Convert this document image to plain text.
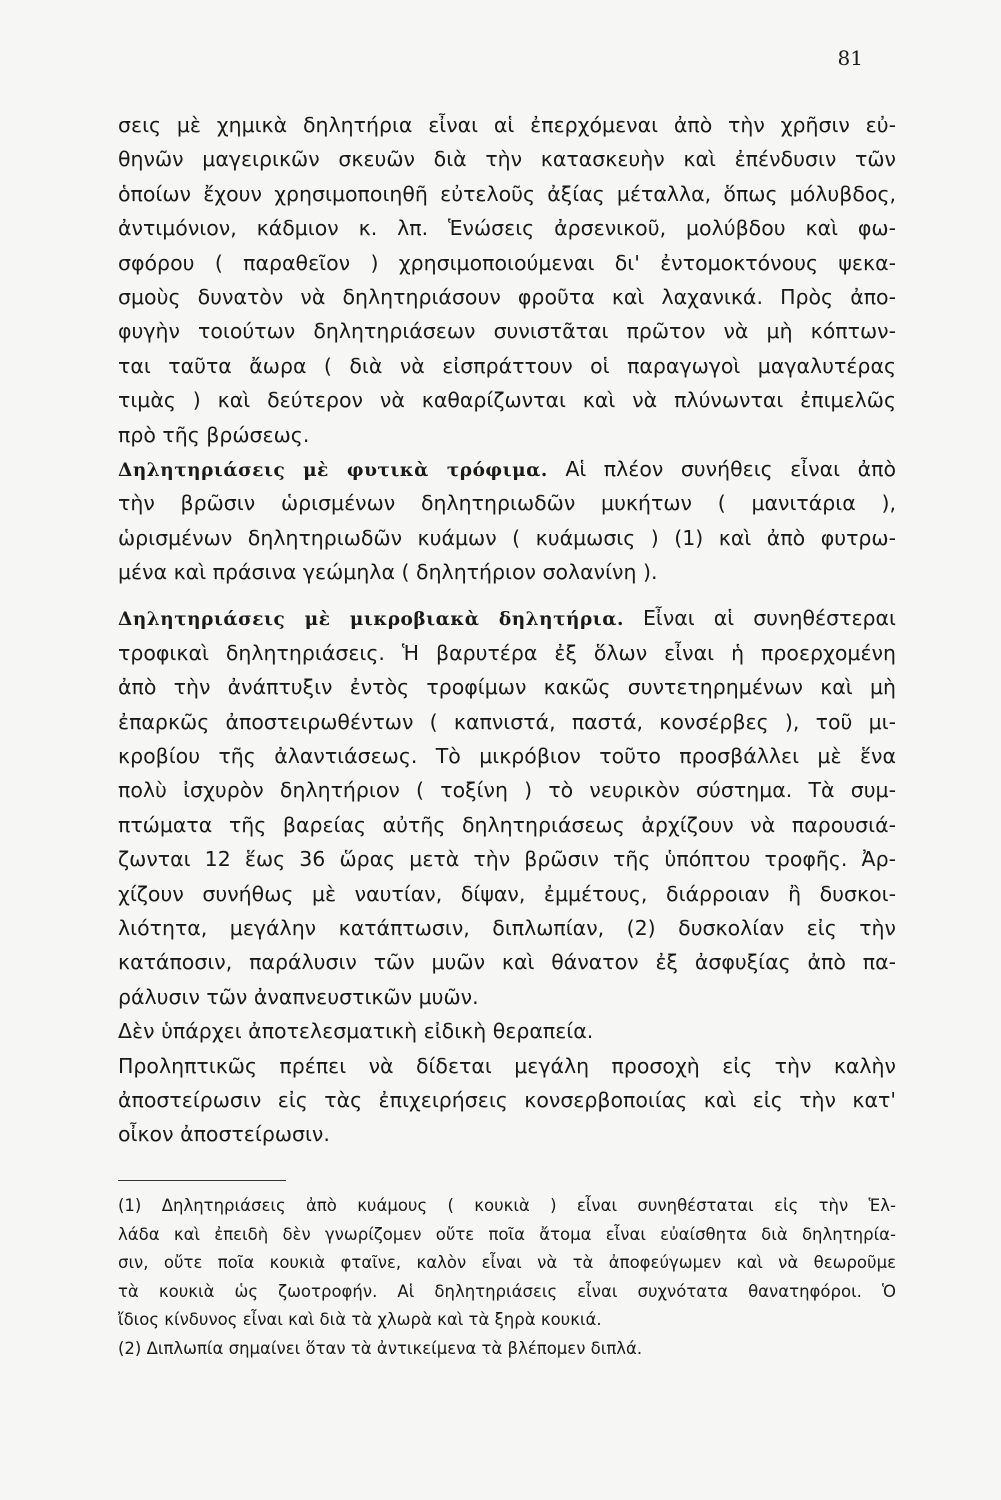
81
σεις μὲ χημικὰ δηλητήρια εἶναι αἱ ἐπερχόμεναι ἀπὸ τὴν χρῆσιν εὐ-
θηνῶν μαγειρικῶν σκευῶν διὰ τὴν κατασκευὴν καὶ ἐπένδυσιν τῶν
ὁποίων ἔχουν χρησιμοποιηθῆ εὐτελοῦς ἀξίας μέταλλα, ὅπως μόλυβδος,
ἀντιμόνιον, κάδμιον κ. λπ. Ἑνώσεις ἀρσενικοῦ, μολύβδου καὶ φω-
σφόρου ( παραθεῖον ) χρησιμοποιούμεναι δι' ἐντομοκτόνους ψεκα-
σμοὺς δυνατὸν νὰ δηλητηριάσουν φροῦτα καὶ λαχανικά. Πρὸς ἀπο-
φυγὴν τοιούτων δηλητηριάσεων συνιστᾶται πρῶτον νὰ μὴ κόπτων-
ται ταῦτα ἄωρα ( διὰ νὰ εἰσπράττουν οἱ παραγωγοὶ μαγαλυτέρας
τιμὰς ) καὶ δεύτερον νὰ καθαρίζωνται καὶ νὰ πλύνωνται ἐπιμελῶς
πρὸ τῆς βρώσεως.
Δηλητηριάσεις μὲ φυτικὰ τρόφιμα. Αἱ πλέον συνήθεις εἶναι ἀπὸ
τὴν βρῶσιν ὡρισμένων δηλητηριωδῶν μυκήτων ( μανιτάρια ),
ὡρισμένων δηλητηριωδῶν κυάμων ( κυάμωσις ) (1) καὶ ἀπὸ φυτρω-
μένα καὶ πράσινα γεώμηλα ( δηλητήριον σολανίνη ).
Δηλητηριάσεις μὲ μικροβιακὰ δηλητήρια. Εἶναι αἱ συνηθέστεραι
τροφικαὶ δηλητηριάσεις. Ἡ βαρυτέρα ἐξ ὅλων εἶναι ἡ προερχομένη
ἀπὸ τὴν ἀνάπτυξιν ἐντὸς τροφίμων κακῶς συντετηρημένων καὶ μὴ
ἐπαρκῶς ἀποστειρωθέντων ( καπνιστά, παστά, κονσέρβες ), τοῦ μι-
κροβίου τῆς ἀλαντιάσεως. Τὸ μικρόβιον τοῦτο προσβάλλει μὲ ἕνα
πολὺ ἰσχυρὸν δηλητήριον ( τοξίνη ) τὸ νευρικὸν σύστημα. Τὰ συμ-
πτώματα τῆς βαρείας αὐτῆς δηλητηριάσεως ἀρχίζουν νὰ παρουσιά-
ζωνται 12 ἕως 36 ὥρας μετὰ τὴν βρῶσιν τῆς ὑπόπτου τροφῆς. Ἀρ-
χίζουν συνήθως μὲ ναυτίαν, δίψαν, ἐμμέτους, διάρροιαν ἢ δυσκοι-
λιότητα, μεγάλην κατάπτωσιν, διπλωπίαν, (2) δυσκολίαν εἰς τὴν
κατάποσιν, παράλυσιν τῶν μυῶν καὶ θάνατον ἐξ ἀσφυξίας ἀπὸ πα-
ράλυσιν τῶν ἀναπνευστικῶν μυῶν.
Δὲν ὑπάρχει ἀποτελεσματικὴ εἰδικὴ θεραπεία.
Προληπτικῶς πρέπει νὰ δίδεται μεγάλη προσοχὴ εἰς τὴν καλὴν
ἀποστείρωσιν εἰς τὰς ἐπιχειρήσεις κονσερβοποιίας καὶ εἰς τὴν κατ'
οἶκον ἀποστείρωσιν.
(1) Δηλητηριάσεις ἀπὸ κυάμους ( κουκιὰ ) εἶναι συνηθέσταται εἰς τὴν Ἑλ-
λάδα καὶ ἐπειδὴ δὲν γνωρίζομεν οὔτε ποῖα ἄτομα εἶναι εὐαίσθητα διὰ δηλητηρία-
σιν, οὔτε ποῖα κουκιὰ φταῖνε, καλὸν εἶναι νὰ τὰ ἀποφεύγωμεν καὶ νὰ θεωροῦμε
τὰ κουκιὰ ὡς ζωοτροφήν. Αἱ δηλητηριάσεις εἶναι συχνότατα θανατηφόροι. Ὁ
ἴδιος κίνδυνος εἶναι καὶ διὰ τὰ χλωρὰ καὶ τὰ ξηρὰ κουκιά.
(2) Διπλωπία σημαίνει ὅταν τὰ ἀντικείμενα τὰ βλέπομεν διπλά.
